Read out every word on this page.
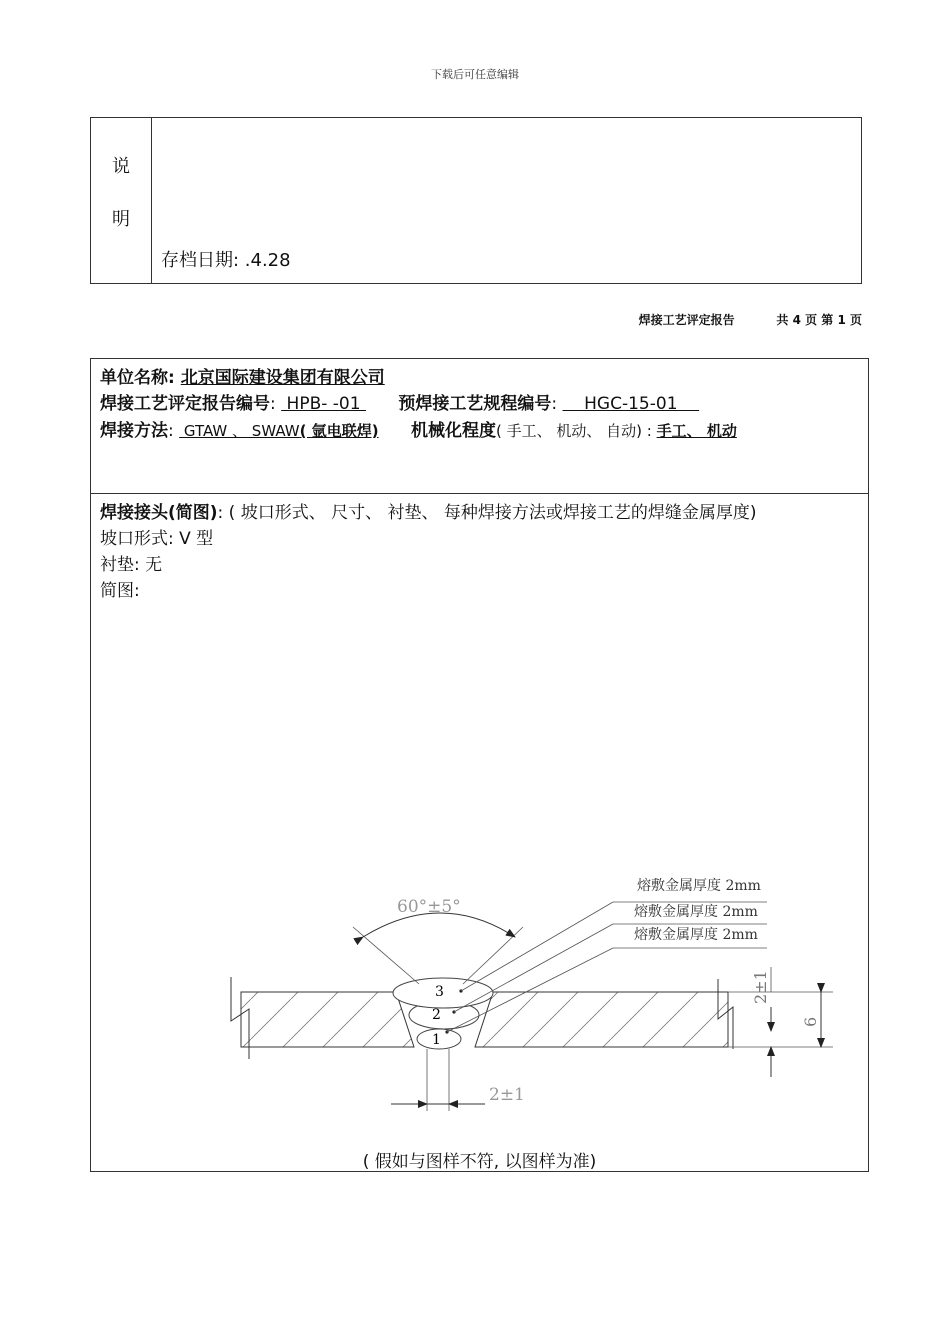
下载后可任意编辑
说
明
存档日期: .4.28
焊接工艺评定报告	共 4 页 第 1 页
单位名称: 北京国际建设集团有限公司
焊接工艺评定报告编号:  HPB- -01       预焊接工艺规程编号:     HGC-15-01
焊接方法:  GTAW 、 SWAW( 氩电联焊) 机械化程度( 手工、 机动、 自动) : 手工、 机动
焊接接头(简图): ( 坡口形式、 尺寸、 衬垫、 每种焊接方法或焊接工艺的焊缝金属厚度)
坡口形式: V 型
衬垫: 无
简图:
3
2
1
60°±5°
熔敷金属厚度 2mm
熔敷金属厚度 2mm
熔敷金属厚度 2mm
2±1
6
2±1
( 假如与图样不符, 以图样为准)
